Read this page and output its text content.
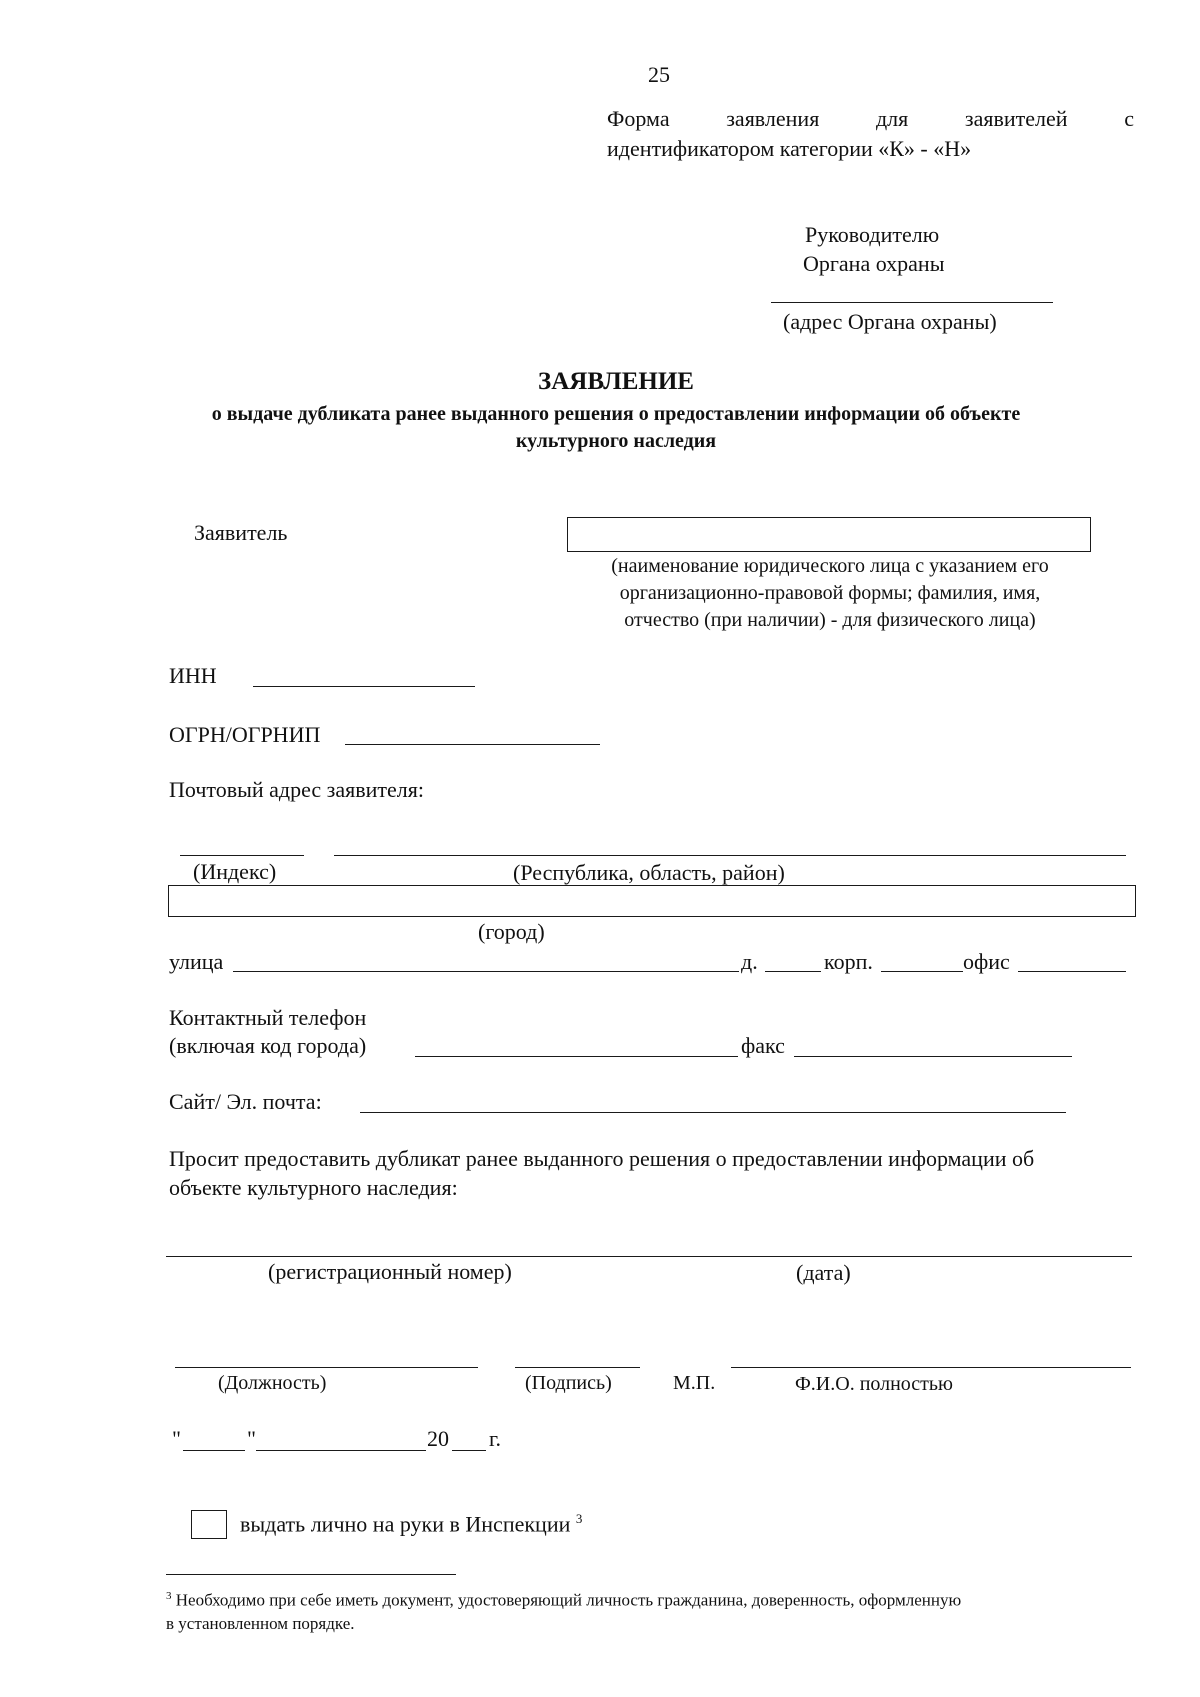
25
Форма	заявления	для	заявителей	с
идентификатором категории «К» - «Н»
Руководителю
Органа охраны
(адрес Органа охраны)
ЗАЯВЛЕНИЕ
о выдаче дубликата ранее выданного решения о предоставлении информации об объекте
культурного наследия
Заявитель
(наименование юридического лица с указанием его
организационно-правовой формы; фамилия, имя,
отчество (при наличии) - для физического лица)
ИНН
ОГРН/ОГРНИП
Почтовый адрес заявителя:
(Индекс)	(Республика, область, район)
(город)
улица	д.	корп.	офис
Контактный телефон
(включая код города)	факс
Сайт/ Эл. почта:
Просит предоставить дубликат ранее выданного решения о предоставлении информации об
объекте культурного наследия:
(регистрационный номер)	(дата)
(Должность)	(Подпись)	М.П.	Ф.И.О. полностью
"	"	20 г.
выдать лично на руки в Инспекции $^3$
$^3$ Необходимо при себе иметь документ, удостоверяющий личность гражданина, доверенность, оформленную
в установленном порядке.
